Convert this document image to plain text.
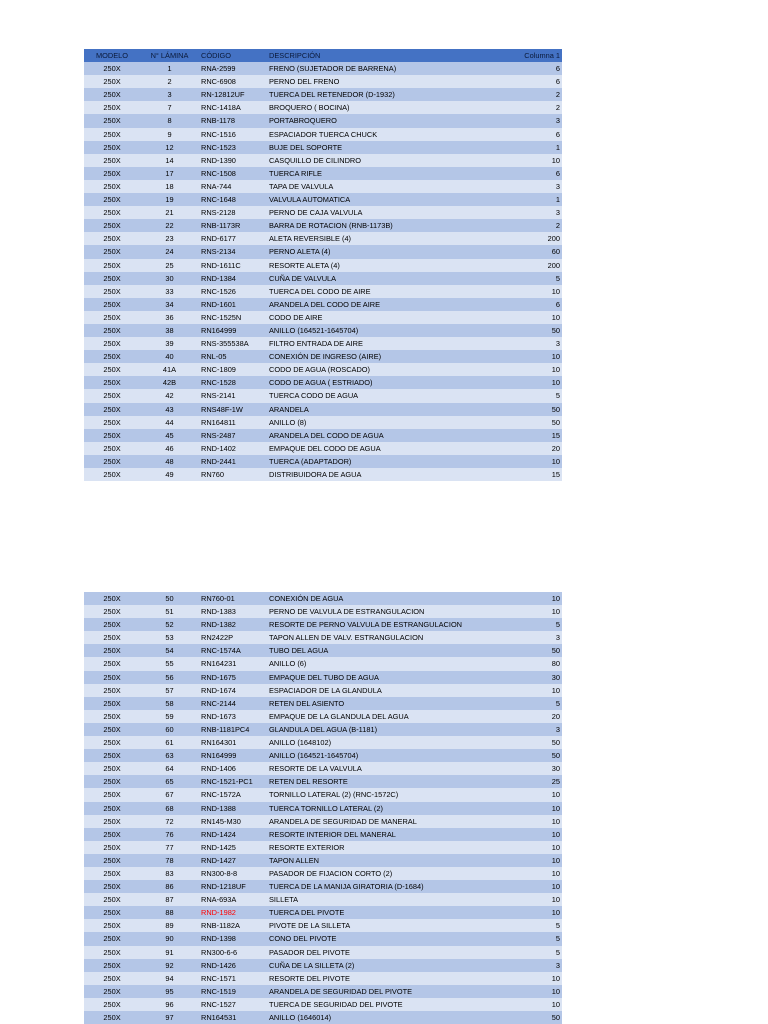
MODELO	N° LÁMINA	CÓDIGO	DESCRIPCIÓN	Columna 1
250X	1	RNA-2599	FRENO (SUJETADOR DE BARRENA)	6
250X	2	RNC-6908	PERNO DEL FRENO	6
250X	3	RN-12812UF	TUERCA DEL RETENEDOR (D-1932)	2
250X	7	RNC-1418A	BROQUERO ( BOCINA)	2
250X	8	RNB-1178	PORTABROQUERO	3
250X	9	RNC-1516	ESPACIADOR TUERCA CHUCK	6
250X	12	RNC-1523	BUJE DEL SOPORTE	1
250X	14	RND-1390	CASQUILLO DE CILINDRO	10
250X	17	RNC-1508	TUERCA RIFLE	6
250X	18	RNA-744	TAPA DE VALVULA	3
250X	19	RNC-1648	VALVULA AUTOMATICA	1
250X	21	RNS-2128	PERNO DE CAJA VALVULA	3
250X	22	RNB-1173R	BARRA DE ROTACION (RNB-1173B)	2
250X	23	RND-6177	ALETA REVERSIBLE (4)	200
250X	24	RNS-2134	PERNO ALETA (4)	60
250X	25	RND-1611C	RESORTE ALETA (4)	200
250X	30	RND-1384	CUÑA DE VALVULA	5
250X	33	RNC-1526	TUERCA DEL CODO DE AIRE	10
250X	34	RND-1601	ARANDELA DEL CODO DE AIRE	6
250X	36	RNC-1525N	CODO DE AIRE	10
250X	38	RN164999	ANILLO (164521-1645704)	50
250X	39	RNS-355538A	FILTRO ENTRADA DE AIRE	3
250X	40	RNL-05	CONEXIÓN DE INGRESO (AIRE)	10
250X	41A	RNC-1809	CODO DE AGUA (ROSCADO)	10
250X	42B	RNC-1528	CODO DE AGUA ( ESTRIADO)	10
250X	42	RNS-2141	TUERCA CODO DE AGUA	5
250X	43	RNS48F-1W	ARANDELA	50
250X	44	RN164811	ANILLO (8)	50
250X	45	RNS-2487	ARANDELA DEL CODO DE AGUA	15
250X	46	RND-1402	EMPAQUE DEL CODO DE AGUA	20
250X	48	RND-2441	TUERCA (ADAPTADOR)	10
250X	49	RN760	DISTRIBUIDORA DE AGUA	15
250X	50	RN760-01	CONEXIÓN DE AGUA	10
250X	51	RND-1383	PERNO DE VALVULA DE ESTRANGULACION	10
250X	52	RND-1382	RESORTE DE PERNO VALVULA DE ESTRANGULACION	5
250X	53	RN2422P	TAPON ALLEN DE VALV. ESTRANGULACION	3
250X	54	RNC-1574A	TUBO DEL AGUA	50
250X	55	RN164231	ANILLO (6)	80
250X	56	RND-1675	EMPAQUE DEL TUBO DE AGUA	30
250X	57	RND-1674	ESPACIADOR DE LA GLANDULA	10
250X	58	RNC-2144	RETEN DEL ASIENTO	5
250X	59	RND-1673	EMPAQUE DE LA GLANDULA DEL AGUA	20
250X	60	RNB-1181PC4	GLANDULA DEL AGUA (B-1181)	3
250X	61	RN164301	ANILLO (1648102)	50
250X	63	RN164999	ANILLO (164521-1645704)	50
250X	64	RND-1406	RESORTE DE LA VALVULA	30
250X	65	RNC-1521-PC1	RETEN DEL RESORTE	25
250X	67	RNC-1572A	TORNILLO LATERAL (2) (RNC-1572C)	10
250X	68	RND-1388	TUERCA TORNILLO LATERAL (2)	10
250X	72	RN145-M30	ARANDELA DE SEGURIDAD DE MANERAL	10
250X	76	RND-1424	RESORTE INTERIOR DEL MANERAL	10
250X	77	RND-1425	RESORTE EXTERIOR	10
250X	78	RND-1427	TAPON ALLEN	10
250X	83	RN300-8-8	PASADOR DE FIJACION CORTO (2)	10
250X	86	RND-1218UF	TUERCA DE LA MANIJA GIRATORIA (D-1684)	10
250X	87	RNA-693A	SILLETA	10
250X	88	RND-1982	TUERCA DEL PIVOTE	10
250X	89	RNB-1182A	PIVOTE DE LA SILLETA	5
250X	90	RND-1398	CONO DEL PIVOTE	5
250X	91	RN300-6-6	PASADOR DEL PIVOTE	5
250X	92	RND-1426	CUÑA DE LA SILLETA (2)	3
250X	94	RNC-1571	RESORTE DEL PIVOTE	10
250X	95	RNC-1519	ARANDELA DE SEGURIDAD DEL PIVOTE	10
250X	96	RNC-1527	TUERCA DE SEGURIDAD DEL PIVOTE	10
250X	97	RN164531	ANILLO (1646014)	50
